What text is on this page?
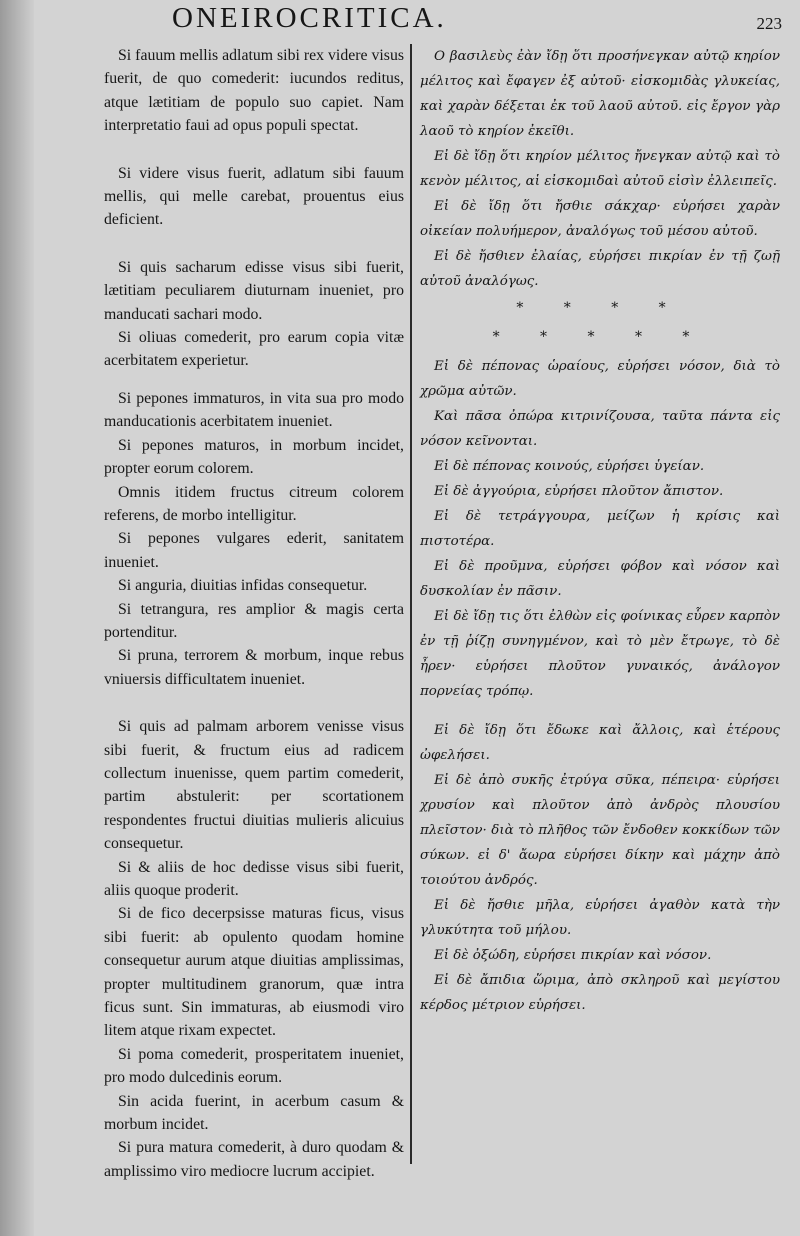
ONEIROCRITICA.	223

Si fauum mellis adlatum sibi rex videre visus fuerit, de quo comederit: iucundos reditus, atque lætitiam de populo suo capiet. Nam interpretatio faui ad opus populi spectat.

Si videre visus fuerit, adlatum sibi fauum mellis, qui melle carebat, prouentus eius deficient.

Si quis sacharum edisse visus sibi fuerit, lætitiam peculiarem diuturnam inueniet, pro manducati sachari modo.

Si oliuas comederit, pro earum copia vitæ acerbitatem experietur.

Si pepones immaturos, in vita sua pro modo manducationis acerbitatem inueniet.

Si pepones maturos, in morbum incidet, propter eorum colorem.

Omnis itidem fructus citreum colorem referens, de morbo intelligitur.

Si pepones vulgares ederit, sanitatem inueniet.

Si anguria, diuitias infidas consequetur.

Si tetrangura, res amplior & magis certa portenditur.

Si pruna, terrorem & morbum, inque rebus vniuersis difficultatem inueniet.

Si quis ad palmam arborem venisse visus sibi fuerit, & fructum eius ad radicem collectum inuenisse, quem partim comederit, partim abstulerit: per scortationem respondentes fructui diuitias mulieris alicuius consequetur.

Si & aliis de hoc dedisse visus sibi fuerit, aliis quoque proderit.

Si de fico decerpsisse maturas ficus, visus sibi fuerit: ab opulento quodam homine consequetur aurum atque diuitias amplissimas, propter multitudinem granorum, quæ intra ficus sunt. Sin immaturas, ab eiusmodi viro litem atque rixam expectet.

Si poma comederit, prosperitatem inueniet, pro modo dulcedinis eorum.

Sin acida fuerint, in acerbum casum & morbum incidet.

Si pura matura comederit, à duro quodam & amplissimo viro mediocre lucrum accipiet.

Ο βασιλεὺς ἐὰν ἴδῃ ὅτι προσήνεγκαν αὐτῷ κηρίον μέλιτος καὶ ἔφαγεν ἐξ αὐτοῦ· εἰσκομιδὰς γλυκείας, καὶ χαρὰν δέξεται ἐκ τοῦ λαοῦ αὐτοῦ. εἰς ἔργον γὰρ λαοῦ τὸ κηρίον ἐκεῖθι.

Εἰ δὲ ἴδῃ ὅτι κηρίον μέλιτος ἤνεγκαν αὐτῷ καὶ τὸ κενὸν μέλιτος, αἱ εἰσκομιδαὶ αὐτοῦ εἰσὶν ἐλλειπεῖς.

Εἰ δὲ ἴδῃ ὅτι ἤσθιε σάκχαρ· εὑρήσει χαρὰν οἰκείαν πολυήμερον, ἀναλόγως τοῦ μέσου αὐτοῦ.

Εἰ δὲ ἤσθιεν ἐλαίας, εὑρήσει πικρίαν ἐν τῇ ζωῇ αὐτοῦ ἀναλόγως.

* * * *
* * * * *

Εἰ δὲ πέπονας ὡραίους, εὑρήσει νόσον, διὰ τὸ χρῶμα αὐτῶν.

Καὶ πᾶσα ὀπώρα κιτρινίζουσα, ταῦτα πάντα εἰς νόσον κεῖνονται.

Εἰ δὲ πέπονας κοινούς, εὑρήσει ὑγείαν.

Εἰ δὲ ἀγγούρια, εὑρήσει πλοῦτον ἄπιστον.

Εἰ δὲ τετράγγουρα, μείζων ἡ κρίσις καὶ πιστοτέρα.

Εἰ δὲ προῦμνα, εὑρήσει φόβον καὶ νόσον καὶ δυσκολίαν ἐν πᾶσιν.

Εἰ δὲ ἴδῃ τις ὅτι ἐλθὼν εἰς φοίνικας εὗρεν καρπὸν ἐν τῇ ῥίζῃ συνηγμένον, καὶ τὸ μὲν ἔτρωγε, τὸ δὲ ἦρεν· εὑρήσει πλοῦτον γυναικός, ἀνάλογον πορνείας τρόπῳ.

Εἰ δὲ ἴδῃ ὅτι ἔδωκε καὶ ἄλλοις, καὶ ἑτέρους ὠφελήσει.

Εἰ δὲ ἀπὸ συκῆς ἐτρύγα σῦκα, πέπειρα· εὑρήσει χρυσίον καὶ πλοῦτον ἀπὸ ἀνδρὸς πλουσίου πλεῖστον· διὰ τὸ πλῆθος τῶν ἔνδοθεν κοκκίδων τῶν σύκων. εἰ δ' ἄωρα εὑρήσει δίκην καὶ μάχην ἀπὸ τοιούτου ἀνδρός.

Εἰ δὲ ἤσθιε μῆλα, εὑρήσει ἀγαθὸν κατὰ τὴν γλυκύτητα τοῦ μήλου.

Εἰ δὲ ὀξώδη, εὑρήσει πικρίαν καὶ νόσον.

Εἰ δὲ ἄπιδια ὥριμα, ἀπὸ σκληροῦ καὶ μεγίστου κέρδος μέτριον εὑρήσει.
